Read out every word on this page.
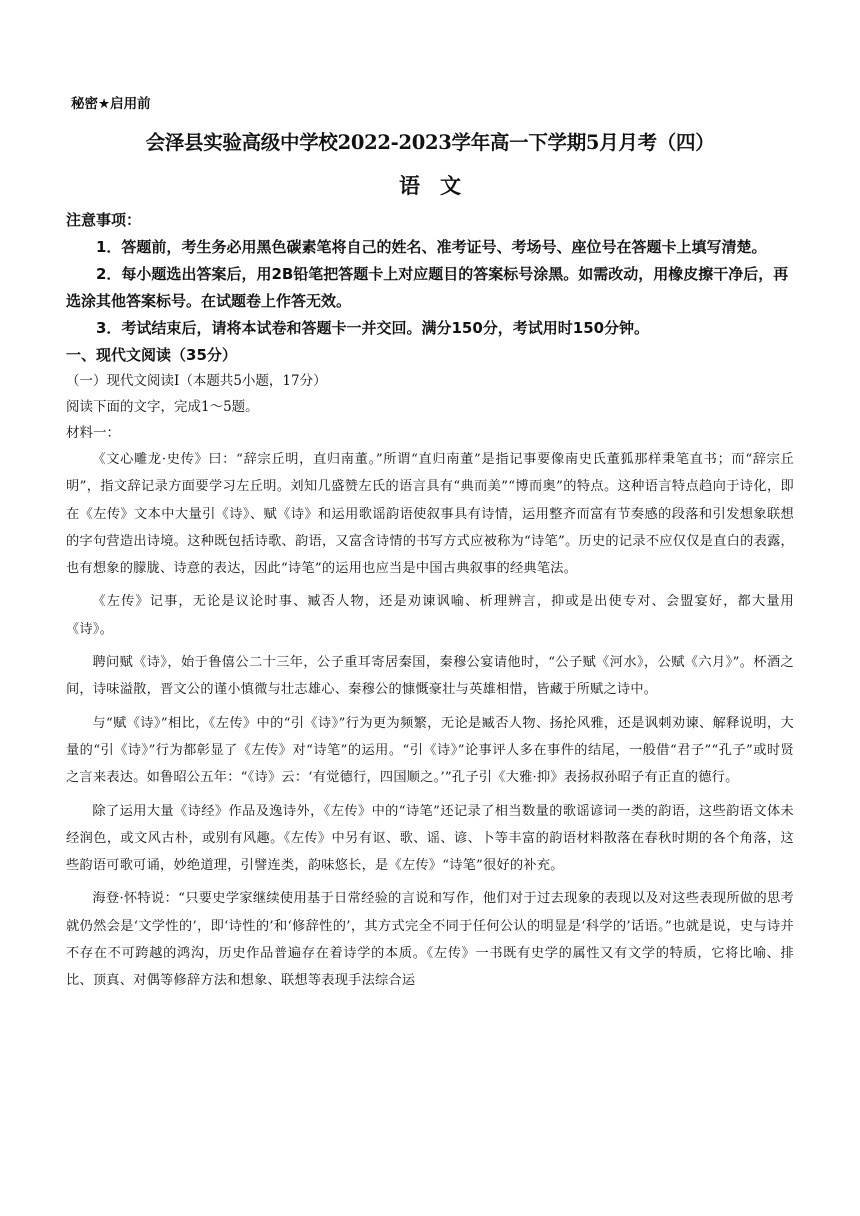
秘密★启用前
会泽县实验高级中学校2022-2023学年高一下学期5月月考（四）
语文
注意事项：

1．答题前，考生务必用黑色碳素笔将自己的姓名、准考证号、考场号、座位号在答题卡上填写清楚。

2．每小题选出答案后，用2B铅笔把答题卡上对应题目的答案标号涂黑。如需改动，用橡皮擦干净后，再选涂其他答案标号。在试题卷上作答无效。

3．考试结束后，请将本试卷和答题卡一并交回。满分150分，考试用时150分钟。

一、现代文阅读（35分）
（一）现代文阅读Ⅰ（本题共5小题，17分）
阅读下面的文字，完成1～5题。
材料一：

《文心雕龙·史传》曰：“辞宗丘明，直归南董。”所谓“直归南董”是指记事要像南史氏董狐那样秉笔直书；而“辞宗丘明”，指文辞记录方面要学习左丘明。刘知几盛赞左氏的语言具有“典而美”“博而奥”的特点。这种语言特点趋向于诗化，即在《左传》文本中大量引《诗》、赋《诗》和运用歌谣韵语使叙事具有诗情，运用整齐而富有节奏感的段落和引发想象联想的字句营造出诗境。这种既包括诗歌、韵语，又富含诗情的书写方式应被称为“诗笔”。历史的记录不应仅仅是直白的表露，也有想象的朦胧、诗意的表达，因此“诗笔”的运用也应当是中国古典叙事的经典笔法。

《左传》记事，无论是议论时事、臧否人物，还是劝谏讽喻、析理辨言，抑或是出使专对、会盟宴好，都大量用《诗》。

聘问赋《诗》，始于鲁僖公二十三年，公子重耳寄居秦国，秦穆公宴请他时，“公子赋《河水》，公赋《六月》”。杯酒之间，诗味溢散，晋文公的谨小慎微与壮志雄心、秦穆公的慷慨豪壮与英雄相惜，皆藏于所赋之诗中。

与“赋《诗》”相比，《左传》中的“引《诗》”行为更为频繁，无论是臧否人物、扬抡风雅，还是讽刺劝谏、解释说明，大量的“引《诗》”行为都彰显了《左传》对“诗笔”的运用。“引《诗》”论事评人多在事件的结尾，一般借“君子”“孔子”或时贤之言来表达。如鲁昭公五年：“《诗》云：‘有觉德行，四国顺之。’”孔子引《大雅·抑》表扬叔孙昭子有正直的德行。

除了运用大量《诗经》作品及逸诗外，《左传》中的“诗笔”还记录了相当数量的歌谣谚词一类的韵语，这些韵语文体未经润色，或文风古朴，或别有风趣。《左传》中另有讴、歌、谣、谚、卜等丰富的韵语材料散落在春秋时期的各个角落，这些韵语可歌可诵，妙绝道理，引譬连类，韵味悠长，是《左传》“诗笔”很好的补充。

海登·怀特说：“只要史学家继续使用基于日常经验的言说和写作，他们对于过去现象的表现以及对这些表现所做的思考就仍然会是‘文学性的’，即‘诗性的’和‘修辞性的’，其方式完全不同于任何公认的明显是‘科学的’话语。”也就是说，史与诗并不存在不可跨越的鸿沟，历史作品普遍存在着诗学的本质。《左传》一书既有史学的属性又有文学的特质，它将比喻、排比、顶真、对偶等修辞方法和想象、联想等表现手法综合运
